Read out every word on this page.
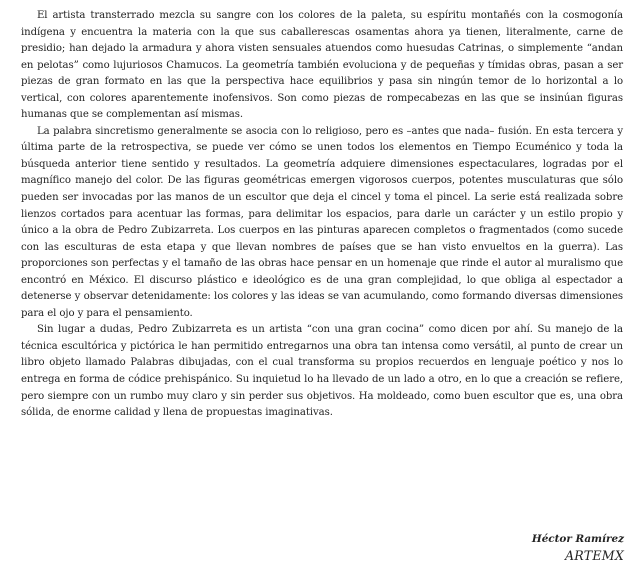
El artista transterrado mezcla su sangre con los colores de la paleta, su espíritu montañés con la cosmogonía indígena y encuentra la materia con la que sus caballerescas osamentas ahora ya tienen, literalmente, carne de presidio; han dejado la armadura y ahora visten sensuales atuendos como huesudas Catrinas, o simplemente “andan en pelotas” como lujuriosos Chamucos. La geometría también evoluciona y de pequeñas y tímidas obras, pasan a ser piezas de gran formato en las que la perspectiva hace equilibrios y pasa sin ningún temor de lo horizontal a lo vertical, con colores aparentemente inofensivos. Son como piezas de rompecabezas en las que se insinúan figuras humanas que se complementan así mismas.

La palabra sincretismo generalmente se asocia con lo religioso, pero es –antes que nada– fusión. En esta tercera y última parte de la retrospectiva, se puede ver cómo se unen todos los elementos en Tiempo Ecuménico y toda la búsqueda anterior tiene sentido y resultados. La geometría adquiere dimensiones espectaculares, logradas por el magnífico manejo del color. De las figuras geométricas emergen vigorosos cuerpos, potentes musculaturas que sólo pueden ser invocadas por las manos de un escultor que deja el cincel y toma el pincel. La serie está realizada sobre lienzos cortados para acentuar las formas, para delimitar los espacios, para darle un carácter y un estilo propio y único a la obra de Pedro Zubizarreta. Los cuerpos en las pinturas aparecen completos o fragmentados (como sucede con las esculturas de esta etapa y que llevan nombres de países que se han visto envueltos en la guerra). Las proporciones son perfectas y el tamaño de las obras hace pensar en un homenaje que rinde el autor al muralismo que encontró en México. El discurso plástico e ideológico es de una gran complejidad, lo que obliga al espectador a detenerse y observar detenidamente: los colores y las ideas se van acumulando, como formando diversas dimensiones para el ojo y para el pensamiento.

Sin lugar a dudas, Pedro Zubizarreta es un artista “con una gran cocina” como dicen por ahí. Su manejo de la técnica escultórica y pictórica le han permitido entregarnos una obra tan intensa como versátil, al punto de crear un libro objeto llamado Palabras dibujadas, con el cual transforma su propios recuerdos en lenguaje poético y nos lo entrega en forma de códice prehispánico. Su inquietud lo ha llevado de un lado a otro, en lo que a creación se refiere, pero siempre con un rumbo muy claro y sin perder sus objetivos. Ha moldeado, como buen escultor que es, una obra sólida, de enorme calidad y llena de propuestas imaginativas.

Héctor Ramírez
ARTEMX
